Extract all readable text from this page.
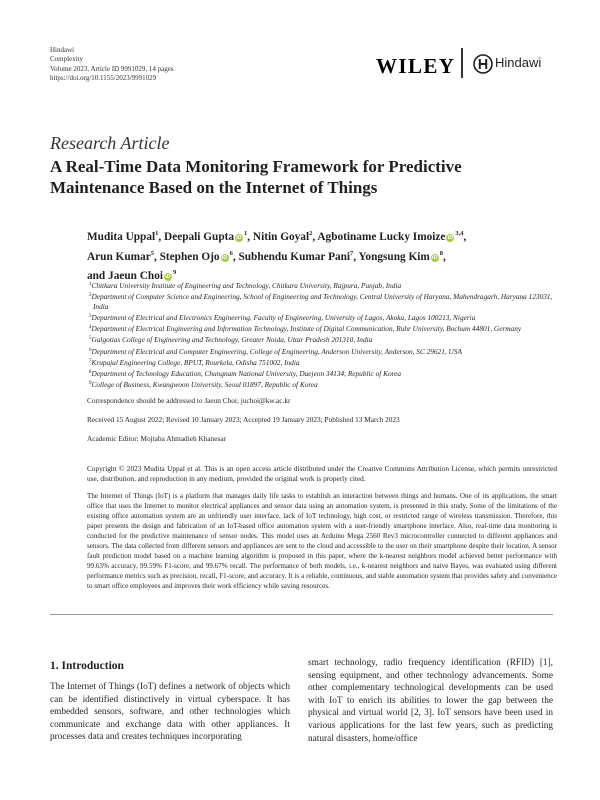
Hindawi
Complexity
Volume 2023, Article ID 9991029, 14 pages
https://doi.org/10.1155/2023/9991029	WILEY	Hindawi
Research Article
A Real-Time Data Monitoring Framework for Predictive Maintenance Based on the Internet of Things
Mudita Uppal$^1$, Deepali Gupta $iD^1$, Nitin Goyal$^2$, Agbotiname Lucky Imoize iD$^{3,4}$,
Arun Kumar$^5$, Stephen Ojo $iD^6$, Subhendu Kumar Pani$^7$, Yongsung Kim $iD^8$,
and Jaeun Choi $iD^9$
$^1$Chitkara University Institute of Engineering and Technology, Chitkara University, Rajpura, Punjab, India
$^2$Department of Computer Science and Engineering, School of Engineering and Technology, Central University of Haryana, Mahendragarh, Haryana 123031, India
$^3$Department of Electrical and Electronics Engineering, Faculty of Engineering, University of Lagos, Akoka, Lagos 100213, Nigeria
$^4$Department of Electrical Engineering and Information Technology, Institute of Digital Communication, Ruhr University, Bochum 44801, Germany
$^5$Galgotias College of Engineering and Technology, Greater Noida, Uttar Pradesh 201310, India
$^6$Department of Electrical and Computer Engineering, College of Engineering, Anderson University, Anderson, SC 29621, USA
$^7$Krupajal Engineering College, BPUT, Rourkela, Odisha 751002, India
$^8$Department of Technology Education, Chungnam National University, Daejeon 34134, Republic of Korea
$^9$College of Business, Kwangwoon University, Seoul 01897, Republic of Korea
Correspondence should be addressed to Jaeun Choi; juchoi@kw.ac.kr
Received 15 August 2022; Revised 10 January 2023; Accepted 19 January 2023; Published 13 March 2023
Academic Editor: Mojtaba Ahmadieh Khanesar
Copyright © 2023 Mudita Uppal et al. This is an open access article distributed under the Creative Commons Attribution License, which permits unrestricted use, distribution, and reproduction in any medium, provided the original work is properly cited.
The Internet of Things (IoT) is a platform that manages daily life tasks to establish an interaction between things and humans. One of its applications, the smart office that uses the Internet to monitor electrical appliances and sensor data using an automation system, is presented in this study. Some of the limitations of the existing office automation system are an unfriendly user interface, lack of IoT technology, high cost, or restricted range of wireless transmission. Therefore, this paper presents the design and fabrication of an IoT-based office automation system with a user-friendly smartphone interface. Also, real-time data monitoring is conducted for the predictive maintenance of sensor nodes. This model uses an Arduino Mega 2560 Rev3 microcontroller connected to different appliances and sensors. The data collected from different sensors and appliances are sent to the cloud and accessible to the user on their smartphone despite their location. A sensor fault prediction model based on a machine learning algorithm is proposed in this paper, where the k-nearest neighbors model achieved better performance with 99.63% accuracy, 99.59% F1-score, and 99.67% recall. The performance of both models, i.e., k-nearest neighbors and naive Bayes, was evaluated using different performance metrics such as precision, recall, F1-score, and accuracy. It is a reliable, continuous, and stable automation system that provides safety and convenience to smart office employees and improves their work efficiency while saving resources.
1. Introduction
The Internet of Things (IoT) defines a network of objects which can be identified distinctively in virtual cyberspace. It has embedded sensors, software, and other technologies which communicate and exchange data with other appliances. It processes data and creates techniques incorporating
smart technology, radio frequency identification (RFID) [1], sensing equipment, and other technology advancements. Some other complementary technological developments can be used with IoT to enrich its abilities to lower the gap between the physical and virtual world [2, 3]. IoT sensors have been used in various applications for the last few years, such as predicting natural disasters, home/office
